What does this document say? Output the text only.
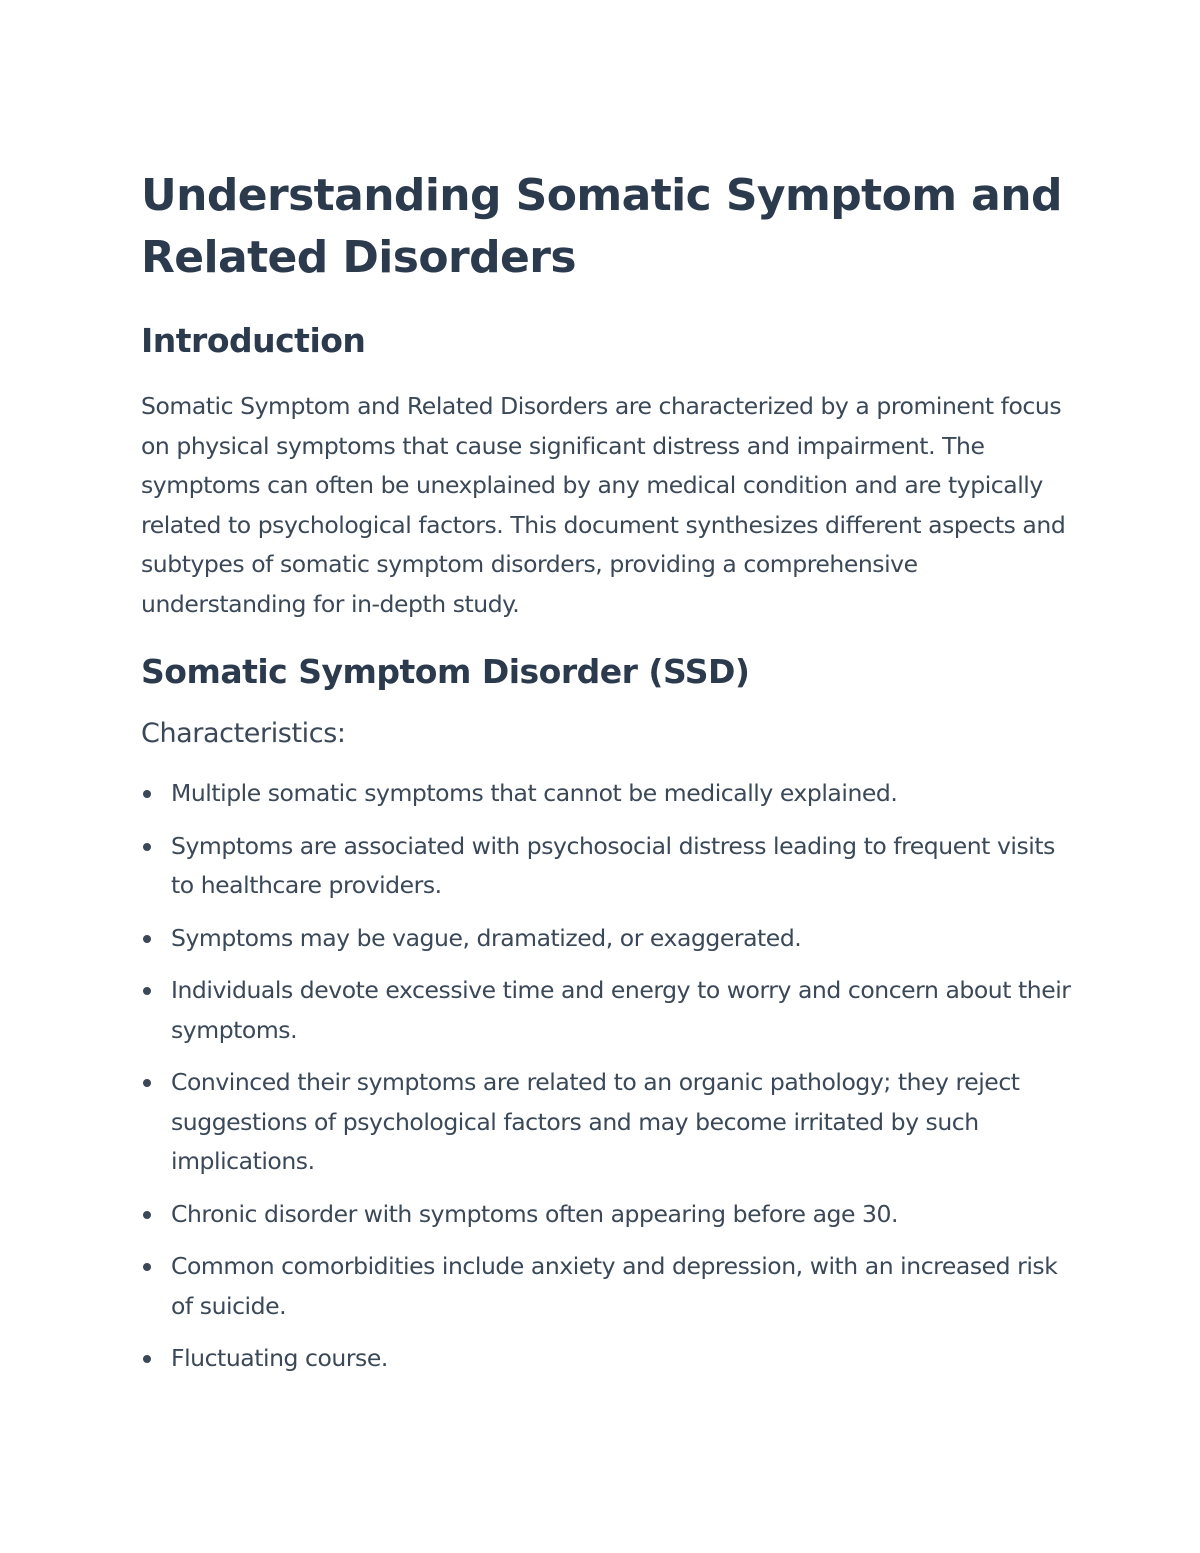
Understanding Somatic Symptom and Related Disorders
Introduction

Somatic Symptom and Related Disorders are characterized by a prominent focus on physical symptoms that cause significant distress and impairment. The symptoms can often be unexplained by any medical condition and are typically related to psychological factors. This document synthesizes different aspects and subtypes of somatic symptom disorders, providing a comprehensive understanding for in-depth study.

Somatic Symptom Disorder (SSD)
Characteristics:
Multiple somatic symptoms that cannot be medically explained.
Symptoms are associated with psychosocial distress leading to frequent visits to healthcare providers.
Symptoms may be vague, dramatized, or exaggerated.
Individuals devote excessive time and energy to worry and concern about their symptoms.
Convinced their symptoms are related to an organic pathology; they reject suggestions of psychological factors and may become irritated by such implications.
Chronic disorder with symptoms often appearing before age 30.
Common comorbidities include anxiety and depression, with an increased risk of suicide.
Fluctuating course.
